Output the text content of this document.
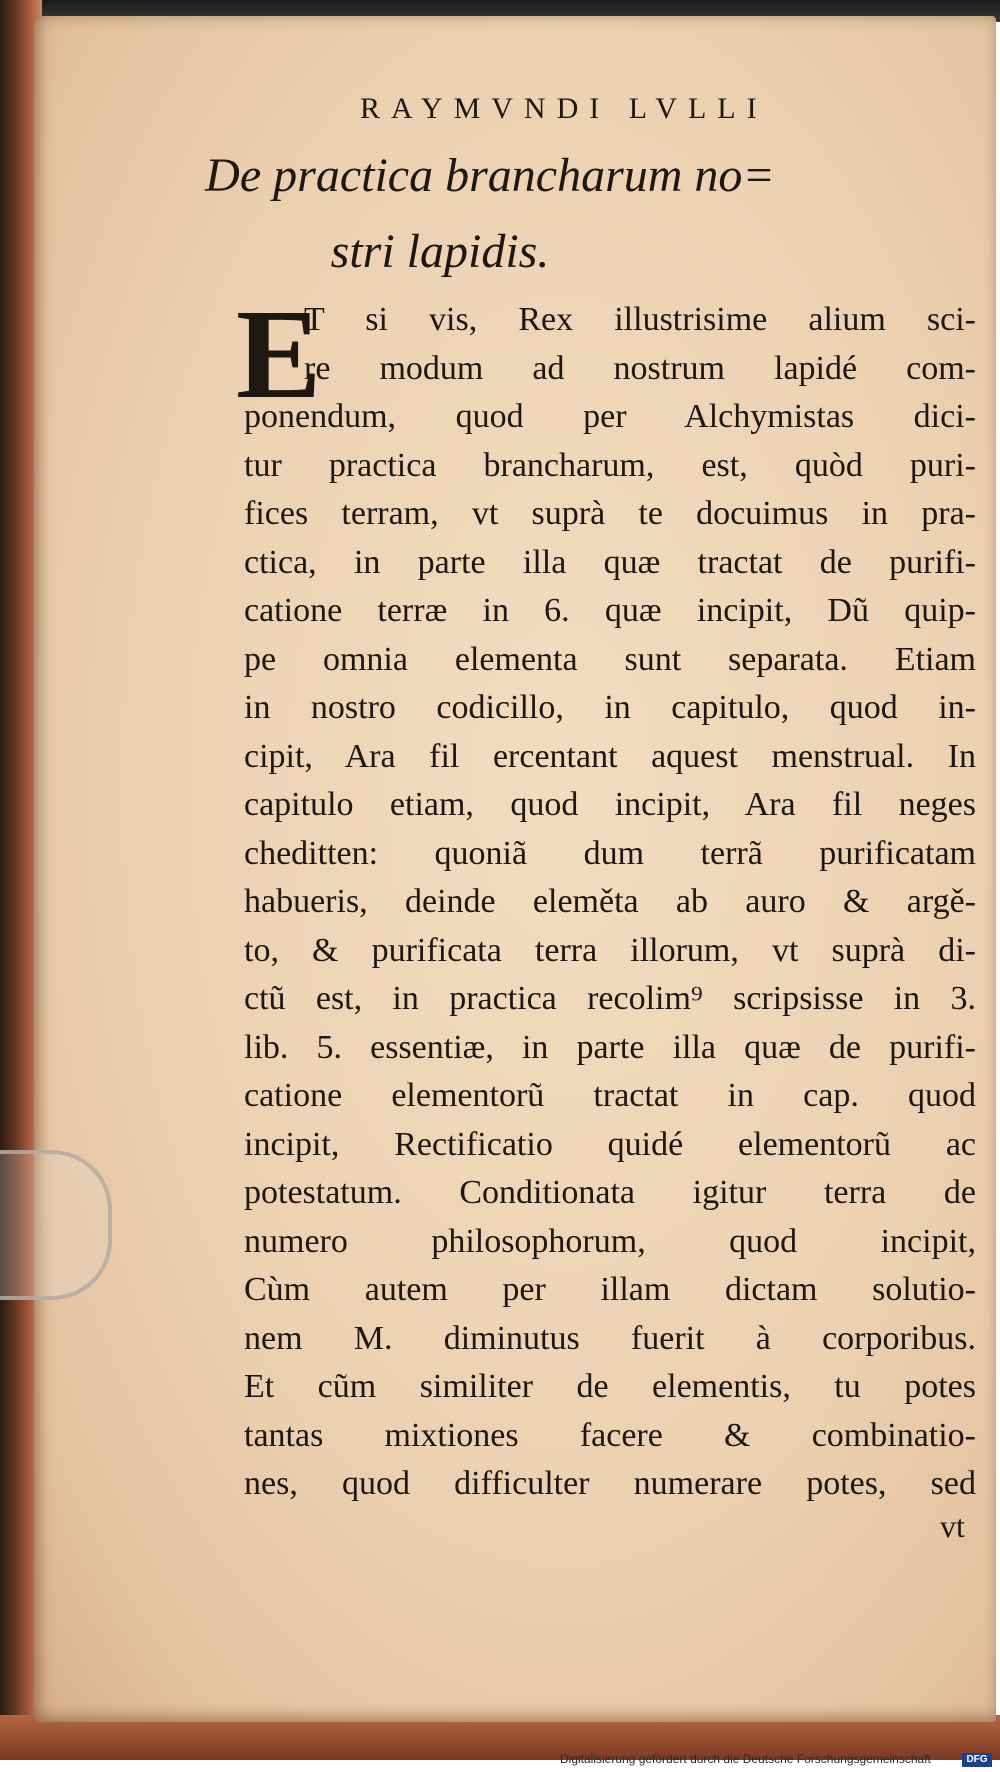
RAYMVNDI LVLLI
De practica brancharum no=
stri lapidis.
E
T si vis, Rex illustrisime alium sci-
re modum ad nostrum lapidé com-
ponendum, quod per Alchymistas dici-
tur practica brancharum, est, quòd puri-
fices terram, vt suprà te docuimus in pra-
ctica, in parte illa quæ tractat de purifi-
catione terræ in 6. quæ incipit, Dũ quip-
pe omnia elementa sunt separata. Etiam
in nostro codicillo, in capitulo, quod in-
cipit, Ara fil ercentant aquest menstrual. In
capitulo etiam, quod incipit, Ara fil neges
cheditten: quoniã dum terrã purificatam
habueris, deinde eleměta ab auro & argě-
to, & purificata terra illorum, vt suprà di-
ctũ est, in practica recolim⁹ scripsisse in 3.
lib. 5. essentiæ, in parte illa quæ de purifi-
catione elementorũ tractat in cap. quod
incipit, Rectificatio quidé elementorũ ac
potestatum. Conditionata igitur terra de
numero philosophorum, quod incipit,
Cùm autem per illam dictam solutio-
nem M. diminutus fuerit à corporibus.
Et cũm similiter de elementis, tu potes
tantas mixtiones facere & combinatio-
nes, quod difficulter numerare potes, sed
vt
Digitalisierung gefördert durch die Deutsche Forschungsgemeinschaft	DFG
